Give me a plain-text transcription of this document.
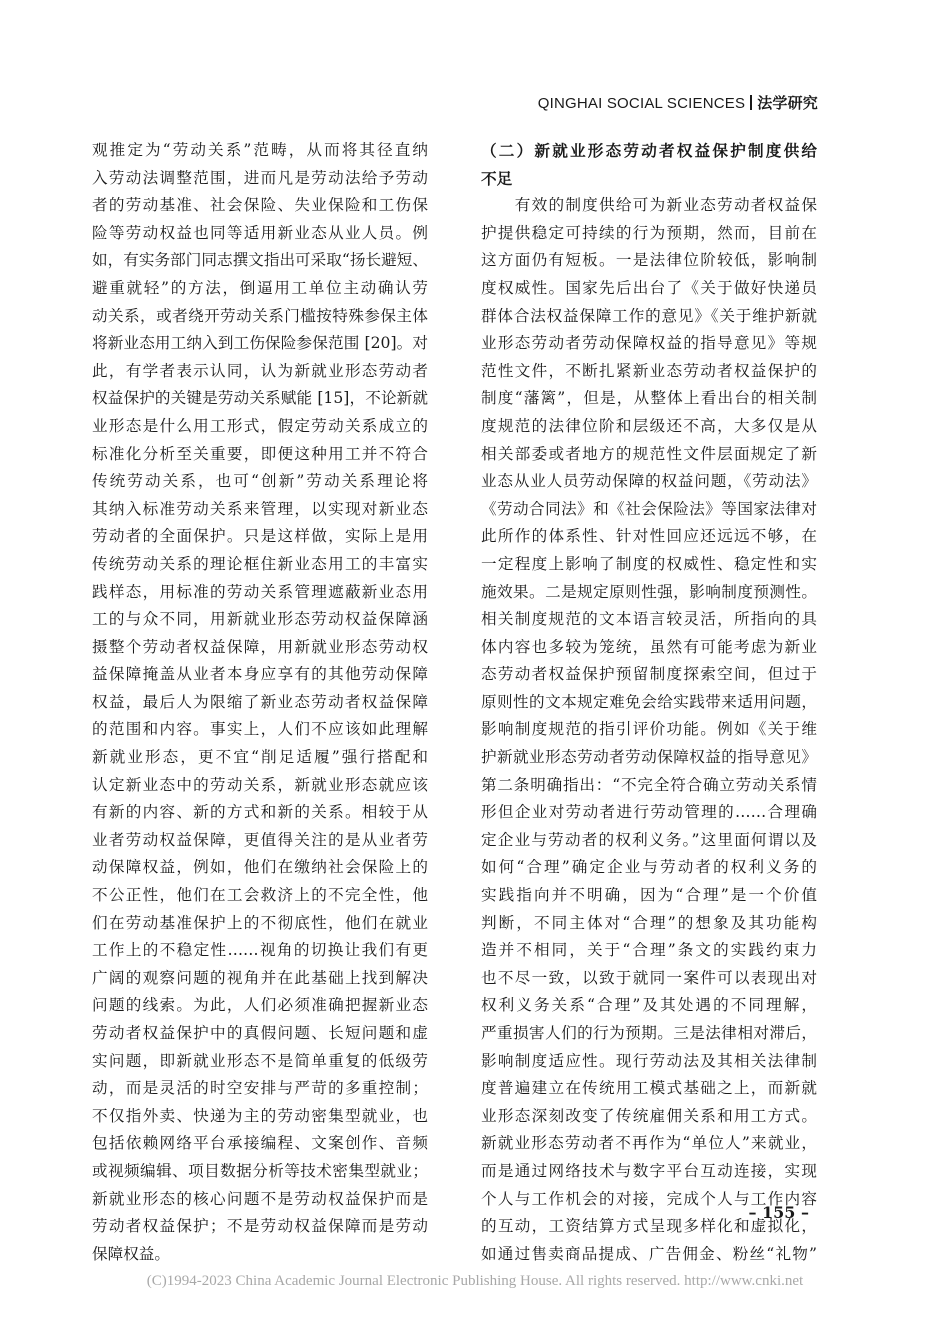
QINGHAI SOCIAL SCIENCES 法学研究
观推定为“劳动关系”范畴，从而将其径直纳
入劳动法调整范围，进而凡是劳动法给予劳动
者的劳动基准、社会保险、失业保险和工伤保
险等劳动权益也同等适用新业态从业人员。例
如，有实务部门同志撰文指出可采取“扬长避短、
避重就轻”的方法，倒逼用工单位主动确认劳
动关系，或者绕开劳动关系门槛按特殊参保主体
将新业态用工纳入到工伤保险参保范围 [20]。对
此，有学者表示认同，认为新就业形态劳动者
权益保护的关键是劳动关系赋能 [15]，不论新就
业形态是什么用工形式，假定劳动关系成立的
标准化分析至关重要，即便这种用工并不符合
传统劳动关系，也可“创新”劳动关系理论将
其纳入标准劳动关系来管理，以实现对新业态
劳动者的全面保护。只是这样做，实际上是用
传统劳动关系的理论框住新业态用工的丰富实
践样态，用标准的劳动关系管理遮蔽新业态用
工的与众不同，用新就业形态劳动权益保障涵
摄整个劳动者权益保障，用新就业形态劳动权
益保障掩盖从业者本身应享有的其他劳动保障
权益，最后人为限缩了新业态劳动者权益保障
的范围和内容。事实上，人们不应该如此理解
新就业形态，更不宜“削足适履”强行搭配和
认定新业态中的劳动关系，新就业形态就应该
有新的内容、新的方式和新的关系。相较于从
业者劳动权益保障，更值得关注的是从业者劳
动保障权益，例如，他们在缴纳社会保险上的
不公正性，他们在工会救济上的不完全性，他
们在劳动基准保护上的不彻底性，他们在就业
工作上的不稳定性……视角的切换让我们有更
广阔的观察问题的视角并在此基础上找到解决
问题的线索。为此，人们必须准确把握新业态
劳动者权益保护中的真假问题、长短问题和虚
实问题，即新就业形态不是简单重复的低级劳
动，而是灵活的时空安排与严苛的多重控制；
不仅指外卖、快递为主的劳动密集型就业，也
包括依赖网络平台承接编程、文案创作、音频
或视频编辑、项目数据分析等技术密集型就业；
新就业形态的核心问题不是劳动权益保护而是
劳动者权益保护；不是劳动权益保障而是劳动
保障权益。
（二）新就业形态劳动者权益保护制度供给
不足
　　有效的制度供给可为新业态劳动者权益保
护提供稳定可持续的行为预期，然而，目前在
这方面仍有短板。一是法律位阶较低，影响制
度权威性。国家先后出台了《关于做好快递员
群体合法权益保障工作的意见》《关于维护新就
业形态劳动者劳动保障权益的指导意见》等规
范性文件，不断扎紧新业态劳动者权益保护的
制度“藩篱”，但是，从整体上看出台的相关制
度规范的法律位阶和层级还不高，大多仅是从
相关部委或者地方的规范性文件层面规定了新
业态从业人员劳动保障的权益问题，《劳动法》
《劳动合同法》和《社会保险法》等国家法律对
此所作的体系性、针对性回应还远远不够，在
一定程度上影响了制度的权威性、稳定性和实
施效果。二是规定原则性强，影响制度预测性。
相关制度规范的文本语言较灵活，所指向的具
体内容也多较为笼统，虽然有可能考虑为新业
态劳动者权益保护预留制度探索空间，但过于
原则性的文本规定难免会给实践带来适用问题，
影响制度规范的指引评价功能。例如《关于维
护新就业形态劳动者劳动保障权益的指导意见》
第二条明确指出：“不完全符合确立劳动关系情
形但企业对劳动者进行劳动管理的……合理确
定企业与劳动者的权利义务。”这里面何谓以及
如何“合理”确定企业与劳动者的权利义务的
实践指向并不明确，因为“合理”是一个价值
判断，不同主体对“合理”的想象及其功能构
造并不相同，关于“合理”条文的实践约束力
也不尽一致，以致于就同一案件可以表现出对
权利义务关系“合理”及其处遇的不同理解，
严重损害人们的行为预期。三是法律相对滞后，
影响制度适应性。现行劳动法及其相关法律制
度普遍建立在传统用工模式基础之上，而新就
业形态深刻改变了传统雇佣关系和用工方式。
新就业形态劳动者不再作为“单位人”来就业，
而是通过网络技术与数字平台互动连接，实现
个人与工作机会的对接，完成个人与工作内容
的互动，工资结算方式呈现多样化和虚拟化，
如通过售卖商品提成、广告佣金、粉丝“礼物”
– 155 –
(C)1994-2023 China Academic Journal Electronic Publishing House. All rights reserved. http://www.cnki.net
